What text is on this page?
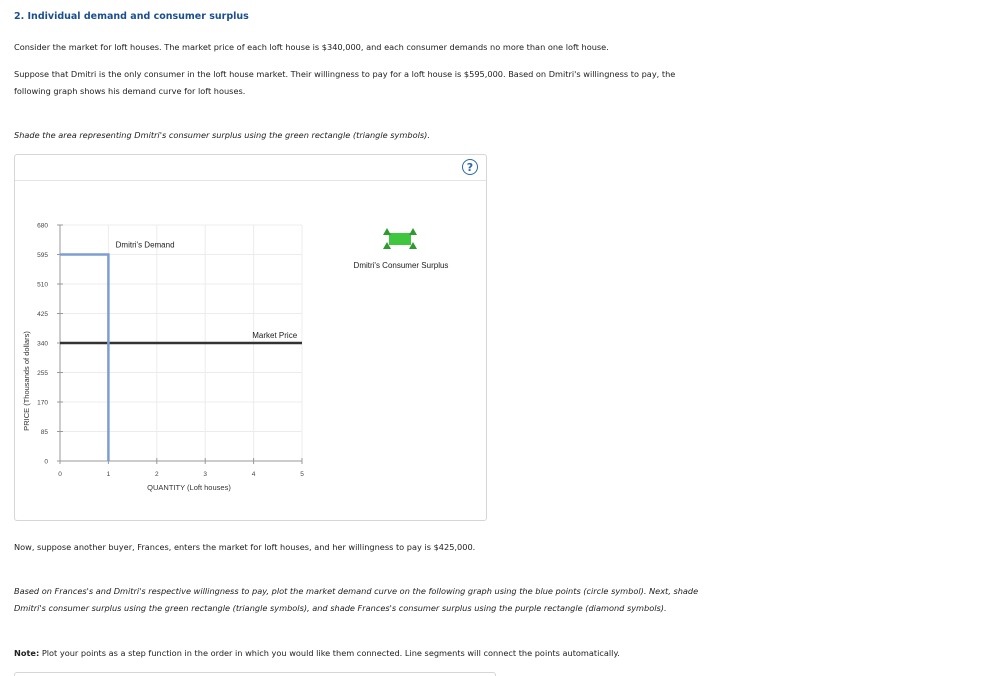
2. Individual demand and consumer surplus
Consider the market for loft houses. The market price of each loft house is $340,000, and each consumer demands no more than one loft house.
Suppose that Dmitri is the only consumer in the loft house market. Their willingness to pay for a loft house is $595,000. Based on Dmitri's willingness to pay, the following graph shows his demand curve for loft houses.
Shade the area representing Dmitri's consumer surplus using the green rectangle (triangle symbols).
?
0
85
170
255
340
425
510
595
680
0	1	2	3	4	5
QUANTITY (Loft houses)
PRICE (Thousands of dollars)	Market Price
Dmitri's Demand
Dmitri's Consumer Surplus
Now, suppose another buyer, Frances, enters the market for loft houses, and her willingness to pay is $425,000.
Based on Frances's and Dmitri's respective willingness to pay, plot the market demand curve on the following graph using the blue points (circle symbol). Next, shade Dmitri's consumer surplus using the green rectangle (triangle symbols), and shade Frances's consumer surplus using the purple rectangle (diamond symbols).
Note: Plot your points as a step function in the order in which you would like them connected. Line segments will connect the points automatically.
